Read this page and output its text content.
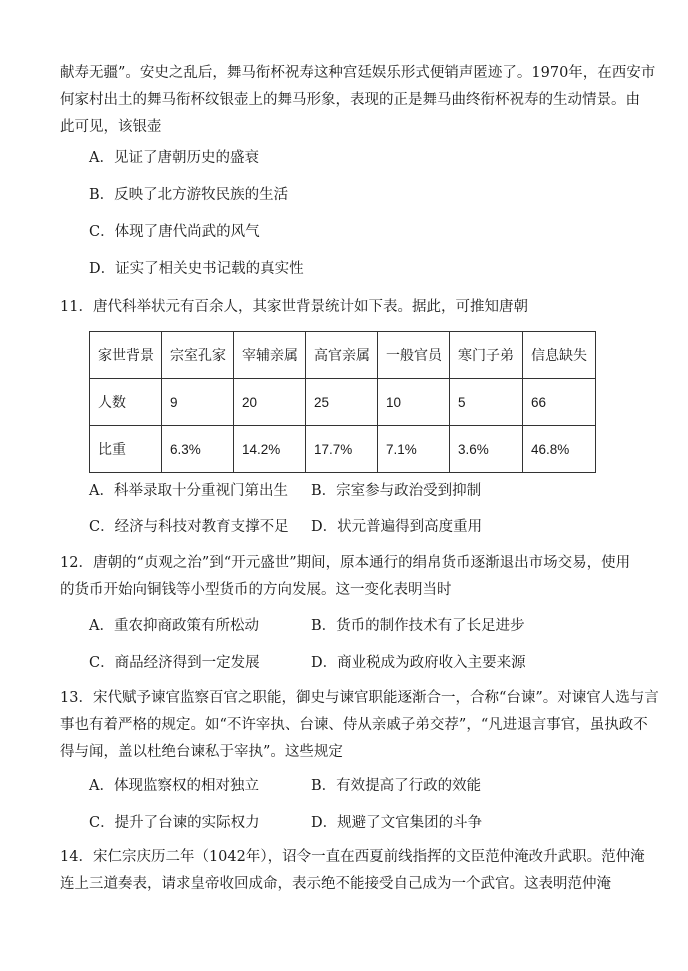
献寿无疆”。安史之乱后，舞马衔杯祝寿这种宫廷娱乐形式便销声匿迹了。1970年，在西安市
何家村出土的舞马衔杯纹银壶上的舞马形象，表现的正是舞马曲终衔杯祝寿的生动情景。由
此可见，该银壶
A．见证了唐朝历史的盛衰
B．反映了北方游牧民族的生活
C．体现了唐代尚武的风气
D．证实了相关史书记载的真实性
11．唐代科举状元有百余人，其家世背景统计如下表。据此，可推知唐朝
家世背景	宗室孔家	宰辅亲属	高官亲属	一般官员	寒门子弟	信息缺失
人数	9	20	25	10	5	66
比重	6.3%	14.2%	17.7%	7.1%	3.6%	46.8%
A．科举录取十分重视门第出生 B．宗室参与政治受到抑制
C．经济与科技对教育支撑不足 D．状元普遍得到高度重用
12．唐朝的“贞观之治”到“开元盛世”期间，原本通行的绢帛货币逐渐退出市场交易，使用
的货币开始向铜钱等小型货币的方向发展。这一变化表明当时
A．重农抑商政策有所松动	B．货币的制作技术有了长足进步
C．商品经济得到一定发展	D．商业税成为政府收入主要来源
13．宋代赋予谏官监察百官之职能，御史与谏官职能逐渐合一，合称“台谏”。对谏官人选与言
事也有着严格的规定。如“不许宰执、台谏、侍从亲戚子弟交荐”，“凡进退言事官，虽执政不
得与闻，盖以杜绝台谏私于宰执”。这些规定
A．体现监察权的相对独立	B．有效提高了行政的效能
C．提升了台谏的实际权力	D．规避了文官集团的斗争
14．宋仁宗庆历二年（1042年），诏令一直在西夏前线指挥的文臣范仲淹改升武职。范仲淹
连上三道奏表，请求皇帝收回成命，表示绝不能接受自己成为一个武官。这表明范仲淹
